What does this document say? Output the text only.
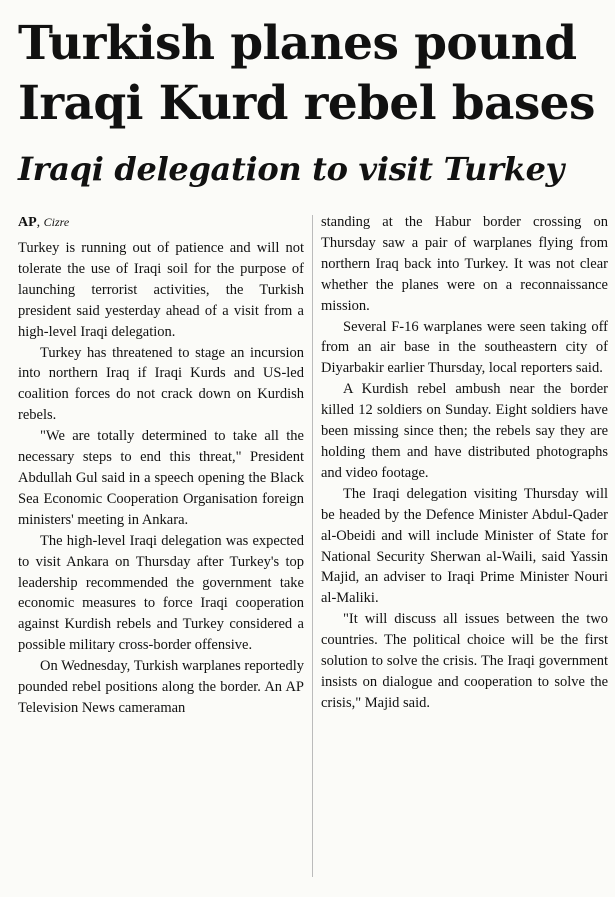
Turkish planes pound Iraqi Kurd rebel bases
Iraqi delegation to visit Turkey
AP, Cizre

Turkey is running out of patience and will not tolerate the use of Iraqi soil for the purpose of launching terrorist activities, the Turkish president said yesterday ahead of a visit from a high-level Iraqi delegation.

Turkey has threatened to stage an incursion into northern Iraq if Iraqi Kurds and US-led coalition forces do not crack down on Kurdish rebels.

"We are totally determined to take all the necessary steps to end this threat," President Abdullah Gul said in a speech opening the Black Sea Economic Cooperation Organisation foreign ministers' meeting in Ankara.

The high-level Iraqi delegation was expected to visit Ankara on Thursday after Turkey's top leadership recommended the government take economic measures to force Iraqi cooperation against Kurdish rebels and Turkey considered a possible military cross-border offensive.

On Wednesday, Turkish warplanes reportedly pounded rebel positions along the border. An AP Television News cameraman

standing at the Habur border crossing on Thursday saw a pair of warplanes flying from northern Iraq back into Turkey. It was not clear whether the planes were on a reconnaissance mission.

Several F-16 warplanes were seen taking off from an air base in the southeastern city of Diyarbakir earlier Thursday, local reporters said.

A Kurdish rebel ambush near the border killed 12 soldiers on Sunday. Eight soldiers have been missing since then; the rebels say they are holding them and have distributed photographs and video footage.

The Iraqi delegation visiting Thursday will be headed by the Defence Minister Abdul-Qader al-Obeidi and will include Minister of State for National Security Sherwan al-Waili, said Yassin Majid, an adviser to Iraqi Prime Minister Nouri al-Maliki.

"It will discuss all issues between the two countries. The political choice will be the first solution to solve the crisis. The Iraqi government insists on dialogue and cooperation to solve the crisis," Majid said.
